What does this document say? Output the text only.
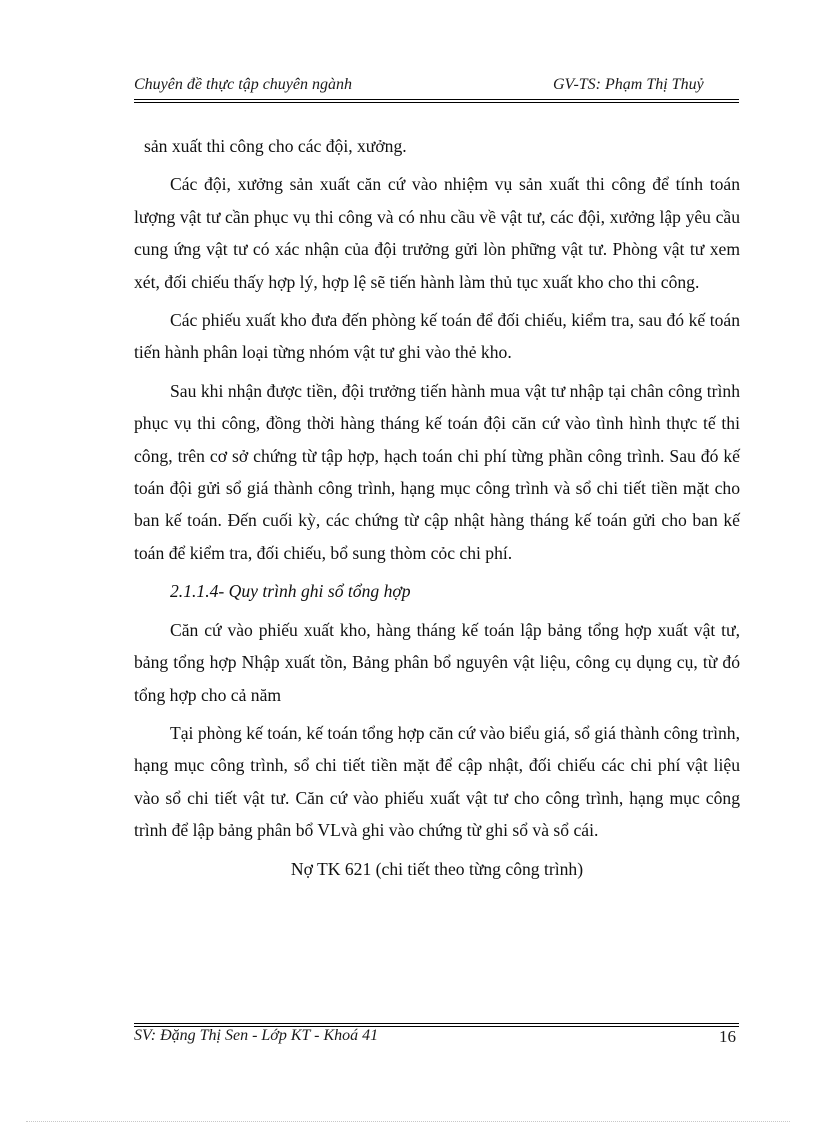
Chuyên đề thực tập chuyên ngành	GV-TS: Phạm Thị Thuỷ

sản xuất thi công cho các đội, xưởng.

Các đội, xưởng sản xuất căn cứ vào nhiệm vụ sản xuất thi công để tính toán lượng vật tư cần phục vụ thi công và có nhu cầu về vật tư, các đội, xưởng lập yêu cầu cung ứng vật tư có xác nhận của đội trưởng gửi lòn phững vật tư. Phòng vật tư xem xét, đối chiếu thấy hợp lý, hợp lệ sẽ tiến hành làm thủ tục xuất kho cho thi công.

Các phiếu xuất kho đưa đến phòng kế toán để đối chiếu, kiểm tra, sau đó kế toán tiến hành phân loại từng nhóm vật tư ghi vào thẻ kho.

Sau khi nhận được tiền, đội trưởng tiến hành mua vật tư nhập tại chân công trình phục vụ thi công, đồng thời hàng tháng kế toán đội căn cứ vào tình hình thực tế thi công, trên cơ sở chứng từ tập hợp, hạch toán chi phí từng phần công trình. Sau đó kế toán đội gửi sổ giá thành công trình, hạng mục công trình và sổ chi tiết tiền mặt cho ban kế toán. Đến cuối kỳ, các chứng từ cập nhật hàng tháng kế toán gửi cho ban kế toán để kiểm tra, đối chiếu, bổ sung thòm cỏc chi phí.

2.1.1.4- Quy trình ghi sổ tổng hợp

Căn cứ vào phiếu xuất kho, hàng tháng kế toán lập bảng tổng hợp xuất vật tư, bảng tổng hợp Nhập xuất tồn, Bảng phân bổ nguyên vật liệu, công cụ dụng cụ, từ đó tổng hợp cho cả năm

Tại phòng kế toán, kế toán tổng hợp căn cứ vào biểu giá, sổ giá thành công trình, hạng mục công trình, sổ chi tiết tiền mặt để cập nhật, đối chiếu các chi phí vật liệu vào sổ chi tiết vật tư. Căn cứ vào phiếu xuất vật tư cho công trình, hạng mục công trình để lập bảng phân bổ VLvà ghi vào chứng từ ghi sổ và sổ cái.

Nợ TK 621 (chi tiết theo từng công trình)

SV: Đặng Thị Sen - Lớp KT - Khoá 41	16
